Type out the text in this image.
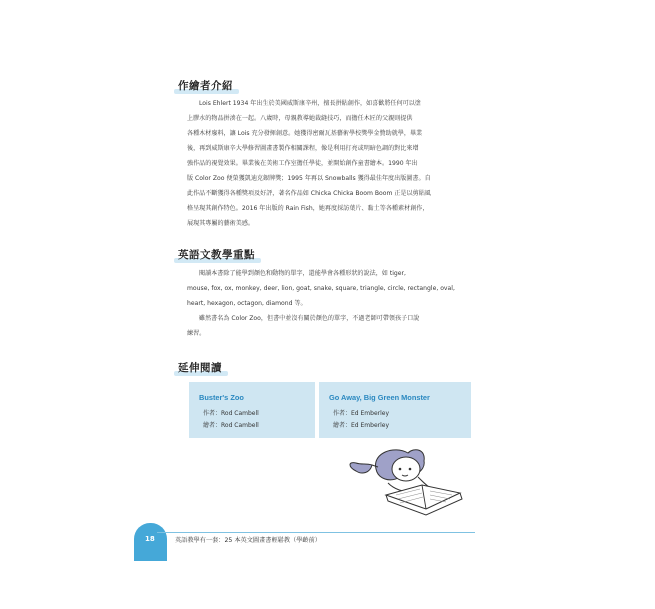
作繪者介紹

Lois Ehlert 1934 年出生於美國威斯康辛州，擅長拼貼創作，如喜歡將任何可以塗

上膠水的物品拼湊在一起。八歲時，母親教導她裁縫技巧，而擔任木匠的父親則提供

各種木材廢料，讓 Lois 充分發揮創意。她獲得密爾瓦基藝術學校獎學金贊助就學，畢業

後，再到威斯康辛大學修習圖畫書製作相關課程，像是利用打亮或明暗色調的對比來增

強作品的視覺效果。畢業後在美術工作室擔任學徒，並開始創作童書繪本。1990 年出

版 Color Zoo 便榮獲凱迪克銀牌獎；1995 年再以 Snowballs 獲得最佳年度出版圖書。自

此作品不斷獲得各種獎項及好評，著名作品如 Chicka Chicka Boom Boom 正是以剪貼風

格呈現其創作特色。2016 年出版的 Rain Fish，她再度採訪葉片、黏土等各種素材創作，

展現其專屬的藝術美感。

英語文教學重點

閱讀本書除了能學到顏色和動物的單字，還能學會各種形狀的說法，如 tiger,

mouse, fox, ox, monkey, deer, lion, goat, snake, square, triangle, circle, rectangle, oval,

heart, hexagon, octagon, diamond 等。

雖然書名為 Color Zoo，但書中並沒有關於顏色的單字，不過老師可帶領孩子口說

練習。

延伸閱讀
Buster's Zoo
作者：Rod Cambell
繪者：Rod Cambell
Go Away, Big Green Monster
作者：Ed Emberley
繪者：Ed Emberley
18	英語教學有一套：25 本英文圖畫書輕鬆教（學齡前）
